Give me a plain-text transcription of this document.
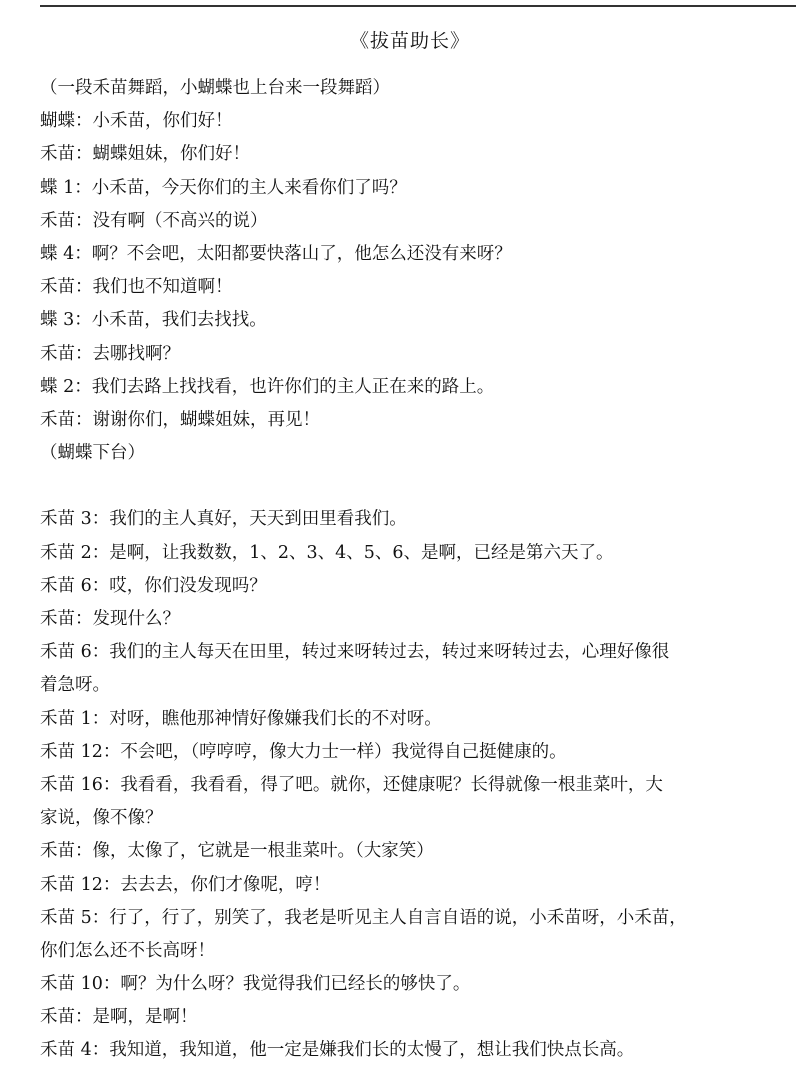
《拔苗助长》
（一段禾苗舞蹈，小蝴蝶也上台来一段舞蹈）
蝴蝶：小禾苗，你们好！
禾苗：蝴蝶姐妹，你们好！
蝶 1：小禾苗，今天你们的主人来看你们了吗？
禾苗：没有啊（不高兴的说）
蝶 4：啊？不会吧，太阳都要快落山了，他怎么还没有来呀？
禾苗：我们也不知道啊！
蝶 3：小禾苗，我们去找找。
禾苗：去哪找啊？
蝶 2：我们去路上找找看，也许你们的主人正在来的路上。
禾苗：谢谢你们，蝴蝶姐妹，再见！
（蝴蝶下台）
禾苗 3：我们的主人真好，天天到田里看我们。
禾苗 2：是啊，让我数数，1、2、3、4、5、6、是啊，已经是第六天了。
禾苗 6：哎，你们没发现吗？
禾苗：发现什么？
禾苗 6：我们的主人每天在田里，转过来呀转过去，转过来呀转过去，心理好像很
着急呀。
禾苗 1：对呀，瞧他那神情好像嫌我们长的不对呀。
禾苗 12：不会吧，（哼哼哼，像大力士一样）我觉得自己挺健康的。
禾苗 16：我看看，我看看，得了吧。就你，还健康呢？长得就像一根韭菜叶，大
家说，像不像？
禾苗：像，太像了，它就是一根韭菜叶。（大家笑）
禾苗 12：去去去，你们才像呢，哼！
禾苗 5：行了，行了，别笑了，我老是听见主人自言自语的说，小禾苗呀，小禾苗，
你们怎么还不长高呀！
禾苗 10：啊？为什么呀？我觉得我们已经长的够快了。
禾苗：是啊，是啊！
禾苗 4：我知道，我知道，他一定是嫌我们长的太慢了，想让我们快点长高。
